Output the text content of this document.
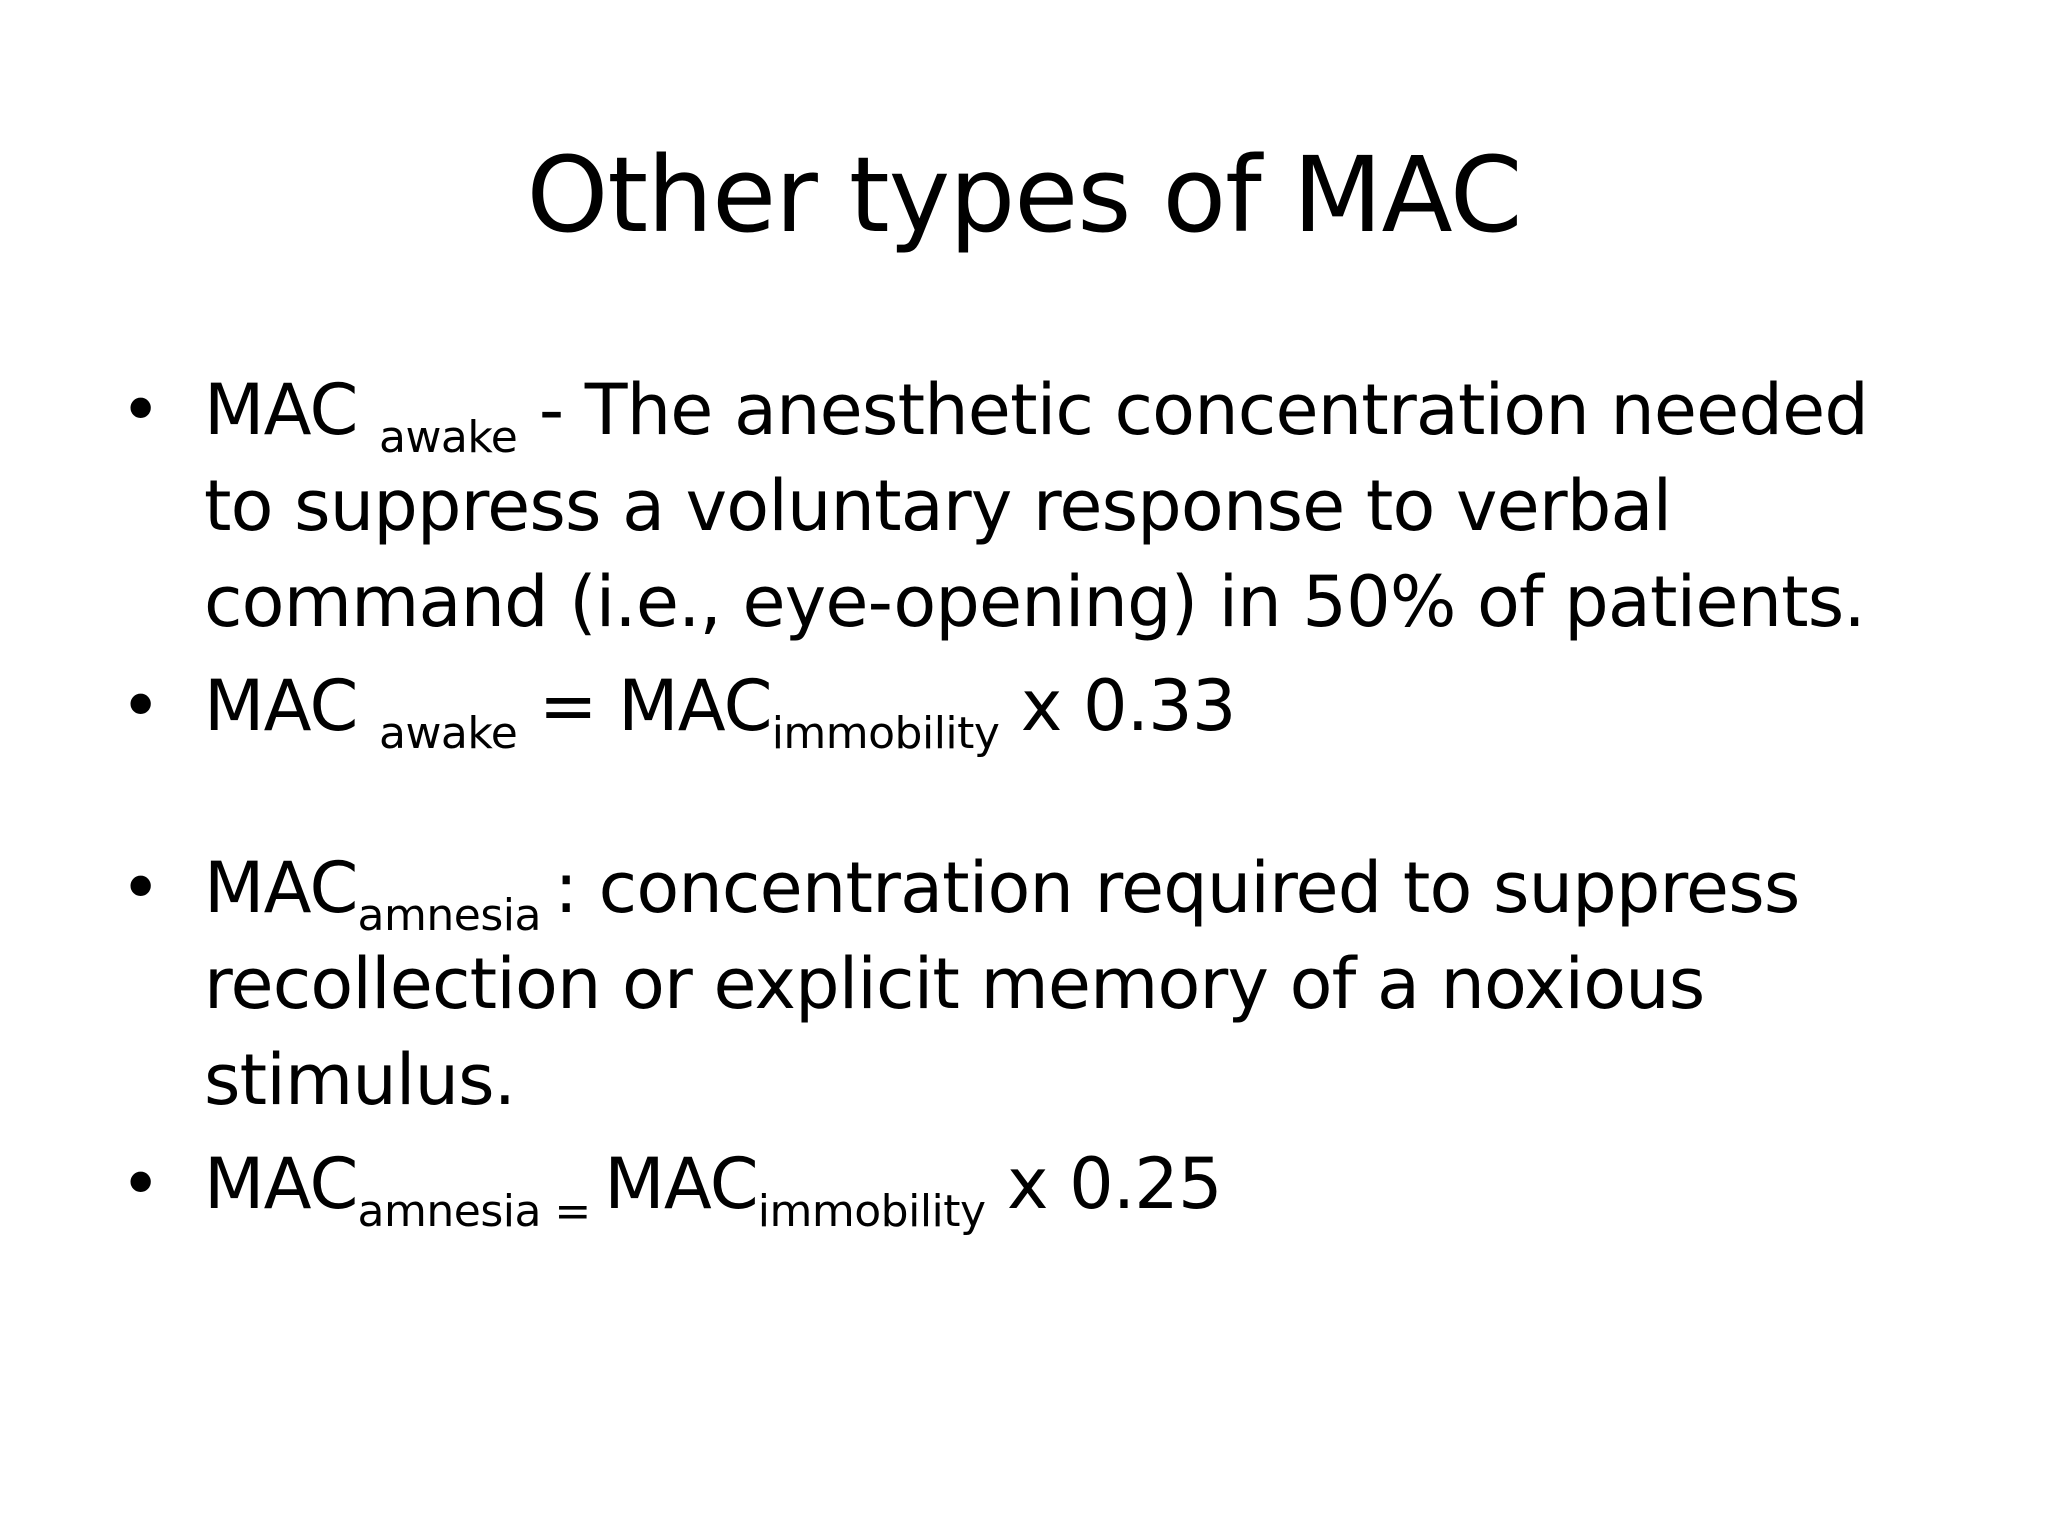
Other types of MAC
• MAC $_{awake}$ - The anesthetic concentration needed
to suppress a voluntary response to verbal
command (i.e., eye-opening) in 50% of patients.
• MAC $_{awake} = MAC_{immobility}$ x 0.33
• $MAC_{amnesia}$ : concentration required to suppress
recollection or explicit memory of a noxious
stimulus.
• $MAC_{amnesia =}$ $MAC_{immobility}$ x 0.25
